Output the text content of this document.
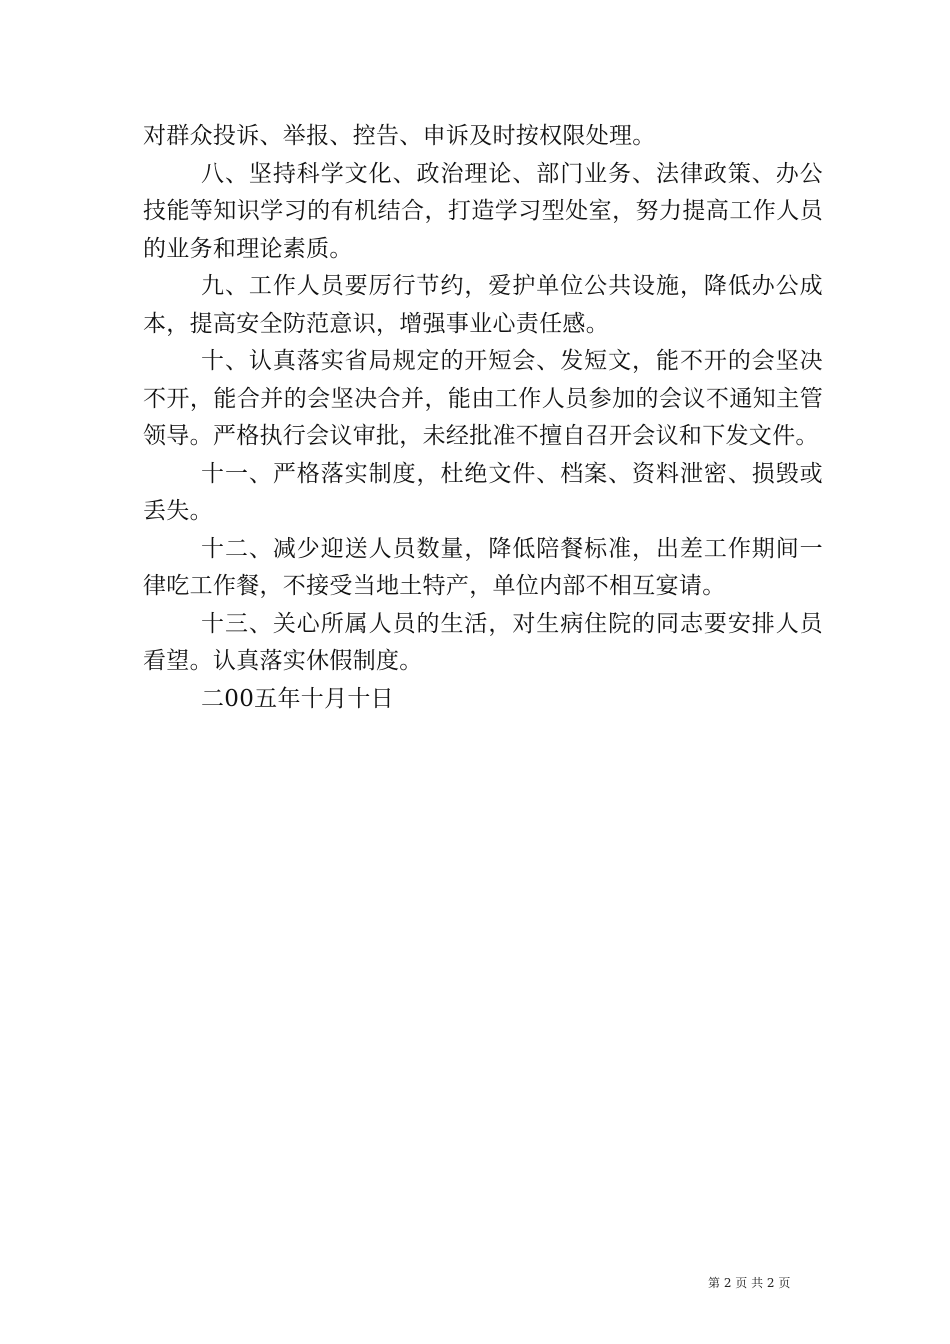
对群众投诉、举报、控告、申诉及时按权限处理。

八、坚持科学文化、政治理论、部门业务、法律政策、办公技能等知识学习的有机结合，打造学习型处室，努力提高工作人员的业务和理论素质。

九、工作人员要厉行节约，爱护单位公共设施，降低办公成本，提高安全防范意识，增强事业心责任感。

十、认真落实省局规定的开短会、发短文，能不开的会坚决不开，能合并的会坚决合并，能由工作人员参加的会议不通知主管领导。严格执行会议审批，未经批准不擅自召开会议和下发文件。

十一、严格落实制度，杜绝文件、档案、资料泄密、损毁或丢失。

十二、减少迎送人员数量，降低陪餐标准，出差工作期间一律吃工作餐，不接受当地土特产，单位内部不相互宴请。

十三、关心所属人员的生活，对生病住院的同志要安排人员看望。认真落实休假制度。

二00五年十月十日

第 2 页 共 2 页
